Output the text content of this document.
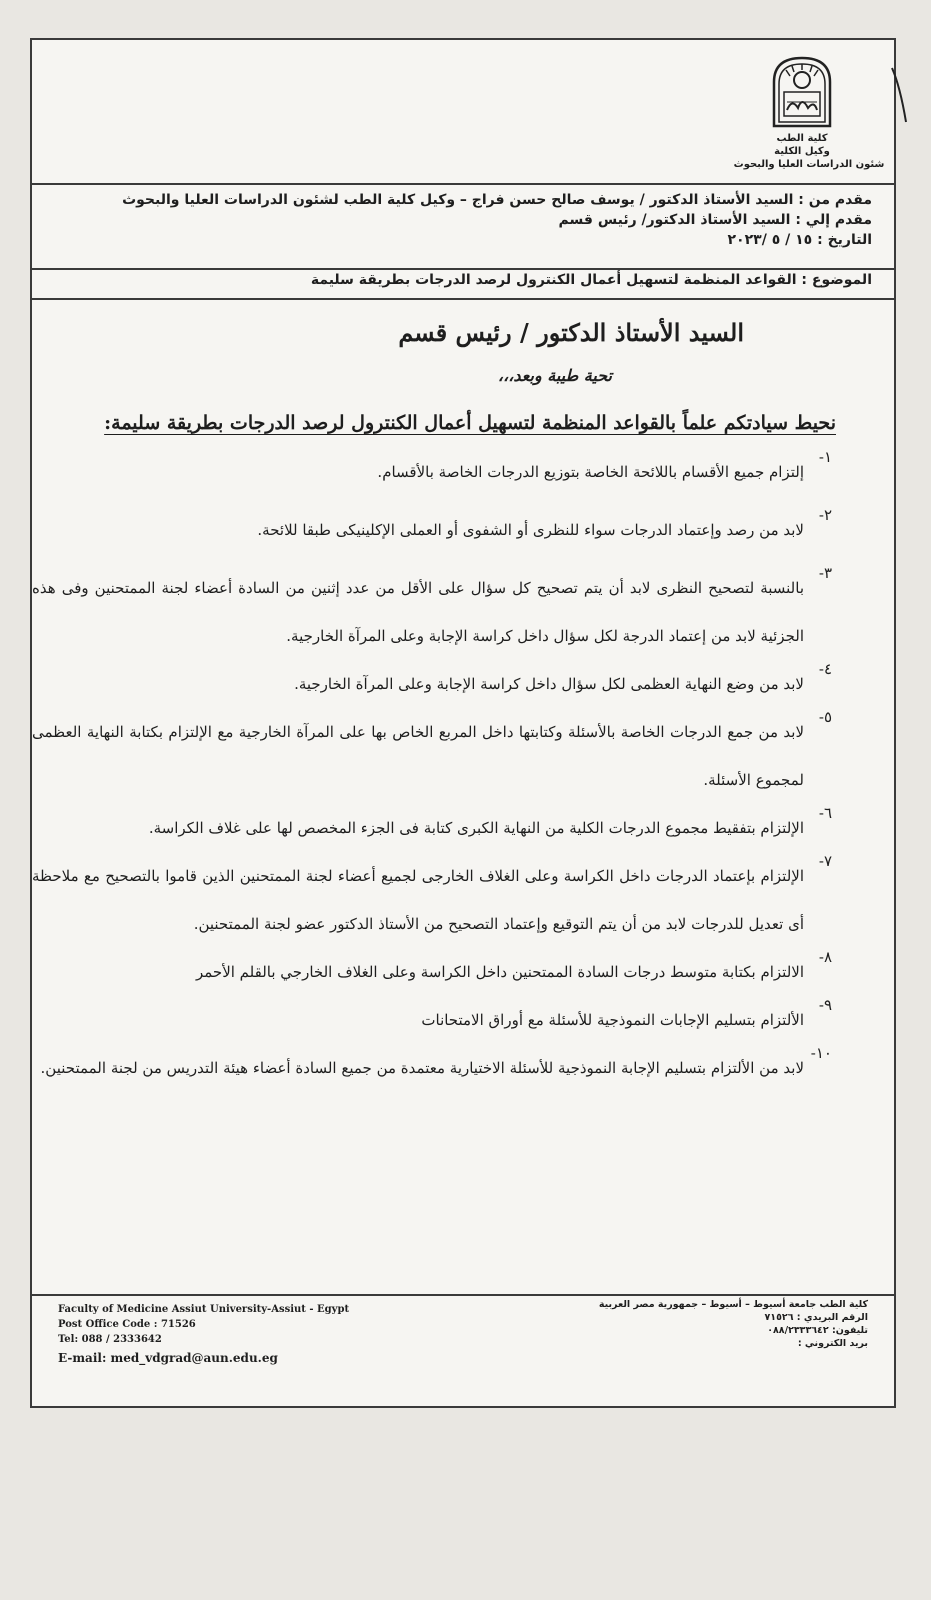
كلية الطب
وكيل الكلية
شئون الدراسات العليا والبحوث
مقدم من : السيد الأستاذ الدكتور / يوسف صالح حسن فراج – وكيل كلية الطب لشئون الدراسات العليا والبحوث
مقدم إلي : السيد الأستاذ الدكتور/ رئيس قسم
التاريخ : ١٥ / ٥ /٢٠٢٣
الموضوع : القواعد المنظمة لتسهيل أعمال الكنترول لرصد الدرجات بطريقة سليمة
السيد الأستاذ الدكتور / رئيس قسم
تحية طيبة وبعد،،،
نحيط سيادتكم علماً بالقواعد المنظمة لتسهيل أعمال الكنترول لرصد الدرجات بطريقة سليمة:
١-
إلتزام جميع الأقسام باللائحة الخاصة بتوزيع الدرجات الخاصة بالأقسام.
٢-
لابد من رصد وإعتماد الدرجات سواء للنظرى أو الشفوى أو العملى الإكلينيكى طبقا للائحة.
٣-
بالنسبة لتصحيح النظرى لابد أن يتم تصحيح كل سؤال على الأقل من عدد إثنين من السادة أعضاء لجنة الممتحنين وفى هذه الجزئية لابد من إعتماد الدرجة لكل سؤال داخل كراسة الإجابة وعلى المرآة الخارجية.
٤-
لابد من وضع النهاية العظمى لكل سؤال داخل كراسة الإجابة وعلى المرآة الخارجية.
٥-
لابد من جمع الدرجات الخاصة بالأسئلة وكتابتها داخل المربع الخاص بها على المرآة الخارجية مع الإلتزام بكتابة النهاية العظمى لمجموع الأسئلة.
٦-
الإلتزام بتفقيط مجموع الدرجات الكلية من النهاية الكبرى كتابة فى الجزء المخصص لها على غلاف الكراسة.
٧-
الإلتزام بإعتماد الدرجات داخل الكراسة وعلى الغلاف الخارجى لجميع أعضاء لجنة الممتحنين الذين قاموا بالتصحيح مع ملاحظة أى تعديل للدرجات لابد من أن يتم التوقيع وإعتماد التصحيح من الأستاذ الدكتور عضو لجنة الممتحنين.
٨-
الالتزام بكتابة متوسط درجات السادة الممتحنين داخل الكراسة وعلى الغلاف الخارجي بالقلم الأحمر
٩-
الألتزام بتسليم الإجابات النموذجية للأسئلة مع أوراق الامتحانات
١٠-
لابد من الألتزام بتسليم الإجابة النموذجية للأسئلة الاختيارية معتمدة من جميع السادة أعضاء هيئة التدريس من لجنة الممتحنين.
Faculty of Medicine Assiut University-Assiut - Egypt
Post Office Code : 71526
Tel: 088 / 2333642
E-mail: med_vdgrad@aun.edu.eg
كلية الطب جامعة أسيوط – أسيوط – جمهورية مصر العربية
الرقم البريدي : ٧١٥٢٦
تليفون: ٠٨٨/٢٣٣٣٦٤٢
بريد الكتروني :
